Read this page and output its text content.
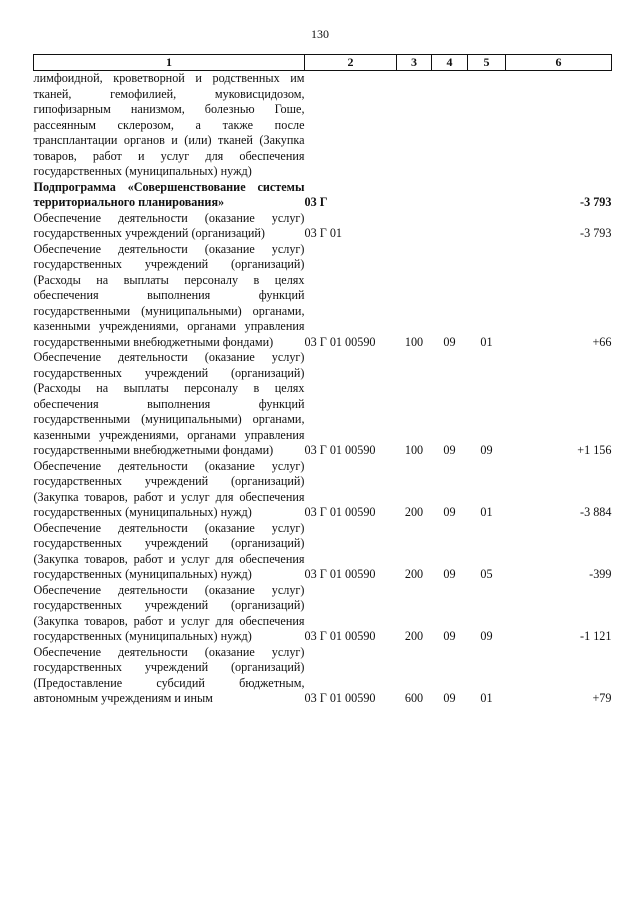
130
1	2	3	4	5	6
лимфоидной, кроветворной и родственных им тканей, гемофилией, муковисцидозом, гипофизарным нанизмом, болезнью Гоше, рассеянным склерозом, а также после трансплантации органов и (или) тканей (Закупка товаров, работ и услуг для обеспечения государственных (муниципальных) нужд)					
Подпрограмма «Совершенствование системы территориального планирования»	03 Г				-3 793
Обеспечение деятельности (оказание услуг) государственных учреждений (организаций)	03 Г 01				-3 793
Обеспечение деятельности (оказание услуг) государственных учреждений (организаций) (Расходы на выплаты персоналу в целях обеспечения выполнения функций государственными (муниципальными) органами, казенными учреждениями, органами управления государственными внебюджетными фондами)	03 Г 01 00590	100	09	01	+66
Обеспечение деятельности (оказание услуг) государственных учреждений (организаций) (Расходы на выплаты персоналу в целях обеспечения выполнения функций государственными (муниципальными) органами, казенными учреждениями, органами управления государственными внебюджетными фондами)	03 Г 01 00590	100	09	09	+1 156
Обеспечение деятельности (оказание услуг) государственных учреждений (организаций) (Закупка товаров, работ и услуг для обеспечения государственных (муниципальных) нужд)	03 Г 01 00590	200	09	01	-3 884
Обеспечение деятельности (оказание услуг) государственных учреждений (организаций) (Закупка товаров, работ и услуг для обеспечения государственных (муниципальных) нужд)	03 Г 01 00590	200	09	05	-399
Обеспечение деятельности (оказание услуг) государственных учреждений (организаций) (Закупка товаров, работ и услуг для обеспечения государственных (муниципальных) нужд)	03 Г 01 00590	200	09	09	-1 121
Обеспечение деятельности (оказание услуг) государственных учреждений (организаций) (Предоставление субсидий бюджетным, автономным учреждениям и иным	03 Г 01 00590	600	09	01	+79
